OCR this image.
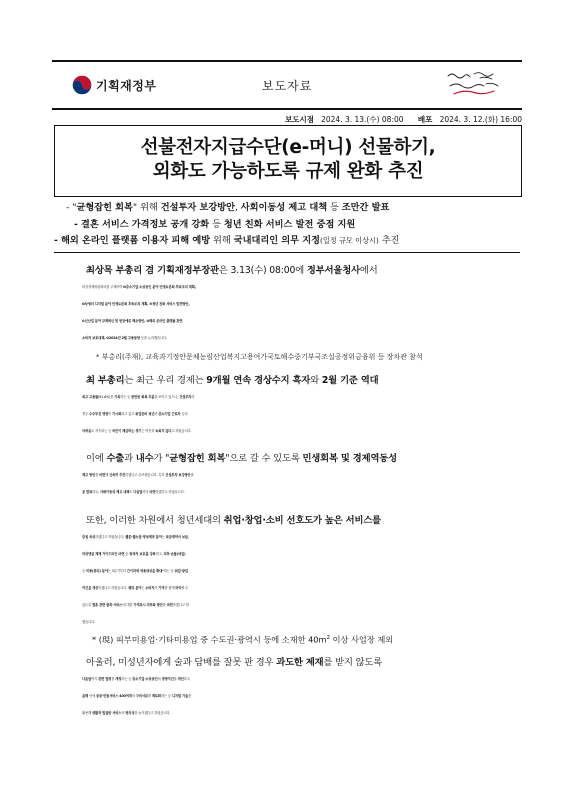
기획재정부	보도자료
보도시점 2024. 3. 13.(수) 08:00 배포 2024. 3. 12.(화) 16:00
선불전자지급수단(e-머니) 선물하기,
외화도 가능하도록 규제 완화 추진
- "균형잡힌 회복" 위해 건설투자 보강방안, 사회이동성 제고 대책 등 조만간 발표
- 결혼 서비스 가격정보 공개 강화 등 청년 친화 서비스 발전 중점 지원
- 해외 온라인 플랫폼 이용자 피해 예방 위해 국내대리인 의무 지정(일정 규모 이상시) 추진
최상목 부총리 겸 기획재정부장관은 3.13(수) 08:00에 정부서울청사에서
비상경제장관회의를 주재하여 ❶중소기업·소상공인 분야 민생토론회 후속조치 계획,
❷상생의 디지털 분야 민생토론회 후속조치 계획, ❸청년 친화 서비스 발전방안,
❹신산업 분야 규제혁신 및 현장애로 해소방안, ❺해외 온라인 플랫폼 관련
소비자 보호대책, ❻2024년 2월 고용동향 등을 논의했습니다.
* 부총리(주재), 교육과기정안문체농림산업복지고용여가국토해수중기부국조실공정위금융위 등 장차관 참석
최 부총리는 최근 우리 경제는 9개월 연속 경상수지 흑자와 2월 기준 역대
최고 고용률(61.6%)을 기록하는 등 완만한 회복 흐름을 보이고 있으나, 건설투자의
경우 수주부진 영향이 가시화되고 있고 취업준비 청년과 중소기업 근로자 등의
어려움도 지속되는 등 국민이 체감하는 경기는 여전히 녹록지 않다고 하였습니다.
이에 수출과 내수가 "균형잡힌 회복"으로 갈 수 있도록 민생회복 및 경제역동성
제고 방안을 마련해 신속히 추진하겠다고 강조했습니다. 특히 건설투자 보강방안을
곧 발표하고, 사회이동성 제고 대책도 다음달까지 마련하겠다고 하였습니다.
또한, 이러한 차원에서 청년세대의 취업·창업·소비 선호도가 높은 서비스를
중점 육성하겠다고 하였습니다. 웹툰·웹소설·영상제작 분야는 표준계약서 보급,
악성댓글 제재 가이드라인 마련 등 창작자 보호를 강화하고, 피부·손톱(네일)
등 미용(뷰티) 분야는 3분기부터 간이과세 적용대상을 확대*하는 등 취업·창업
여건을 개선하겠다고 하였습니다. 웨딩 분야는 소비자가 가격을 쉽게 파악할 수
있도록 결혼 관련 품목·서비스에 대한 가격표시 의무화 방안을 마련하겠다고 밝
혔습니다.
* (現) 피부미용업·기타미용업 중 수도권·광역시 등에 소재한 $40m^2$ 이상 사업장 제외
아울러, 미성년자에게 술과 담배를 잘못 판 경우 과도한 제재를 받지 않도록
다음달까지 관련 법령을 개정하는 등 중소기업·소상공인의 경영여건을 개선하고,
올해 안에 공공·민원서비스 400여개의 구비서류를 제로화하는 등 디지털 기술을
활용해 생활과 밀접한 서비스의 편의성을 높이겠다고 하였습니다.
